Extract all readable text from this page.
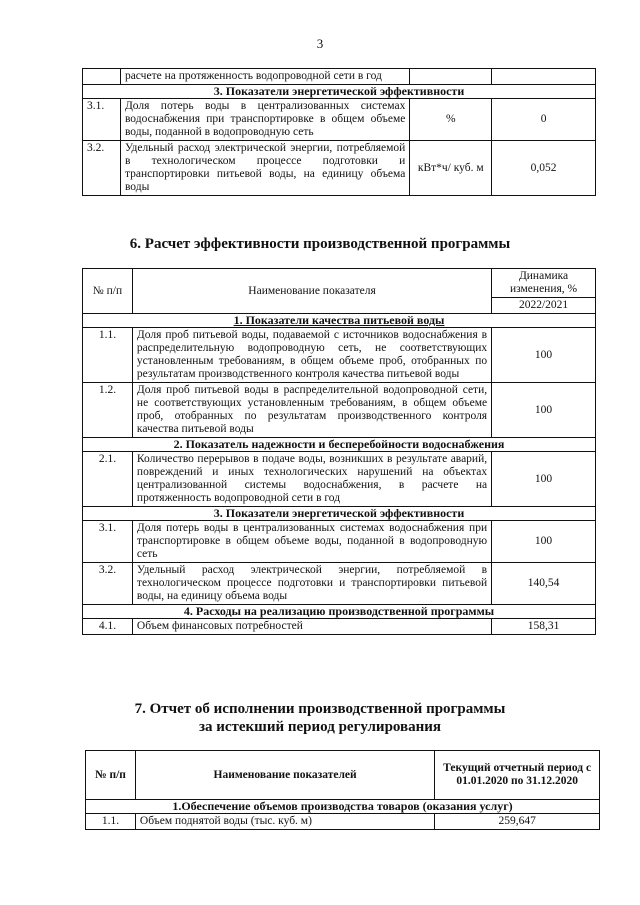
3
	расчете на протяженность водопроводной сети в год		
3. Показатели энергетической эффективности			
3.1.	Доля потерь воды в централизованных системах водоснабжения при транспортировке в общем объеме воды, поданной в водопроводную сеть	%	0
3.2.	Удельный расход электрической энергии, потребляемой в технологическом процессе подготовки и транспортировки питьевой воды, на единицу объема воды	кВт*ч/ куб. м	0,052
6. Расчет эффективности производственной программы
№ п/п	Наименование показателя	Динамика изменения, %
		2022/2021
1. Показатели качества питьевой воды		
1.1.	Доля проб питьевой воды, подаваемой с источников водоснабжения в распределительную водопроводную сеть, не соответствующих установленным требованиям, в общем объеме проб, отобранных по результатам производственного контроля качества питьевой воды	100
1.2.	Доля проб питьевой воды в распределительной водопроводной сети, не соответствующих установленным требованиям, в общем объеме проб, отобранных по результатам производственного контроля качества питьевой воды	100
2. Показатель надежности и бесперебойности водоснабжения		
2.1.	Количество перерывов в подаче воды, возникших в результате аварий, повреждений и иных технологических нарушений на объектах централизованной системы водоснабжения, в расчете на протяженность водопроводной сети в год	100
3. Показатели энергетической эффективности		
3.1.	Доля потерь воды в централизованных системах водоснабжения при транспортировке в общем объеме воды, поданной в водопроводную сеть	100
3.2.	Удельный расход электрической энергии, потребляемой в технологическом процессе подготовки и транспортировки питьевой воды, на единицу объема воды	140,54
4. Расходы на реализацию производственной программы		
4.1.	Объем финансовых потребностей	158,31
7. Отчет об исполнении производственной программы
за истекший период регулирования
№ п/п	Наименование показателей	Текущий отчетный период с 01.01.2020 по 31.12.2020
1.Обеспечение объемов производства товаров (оказания услуг)		
1.1.	Объем поднятой воды (тыс. куб. м)	259,647
